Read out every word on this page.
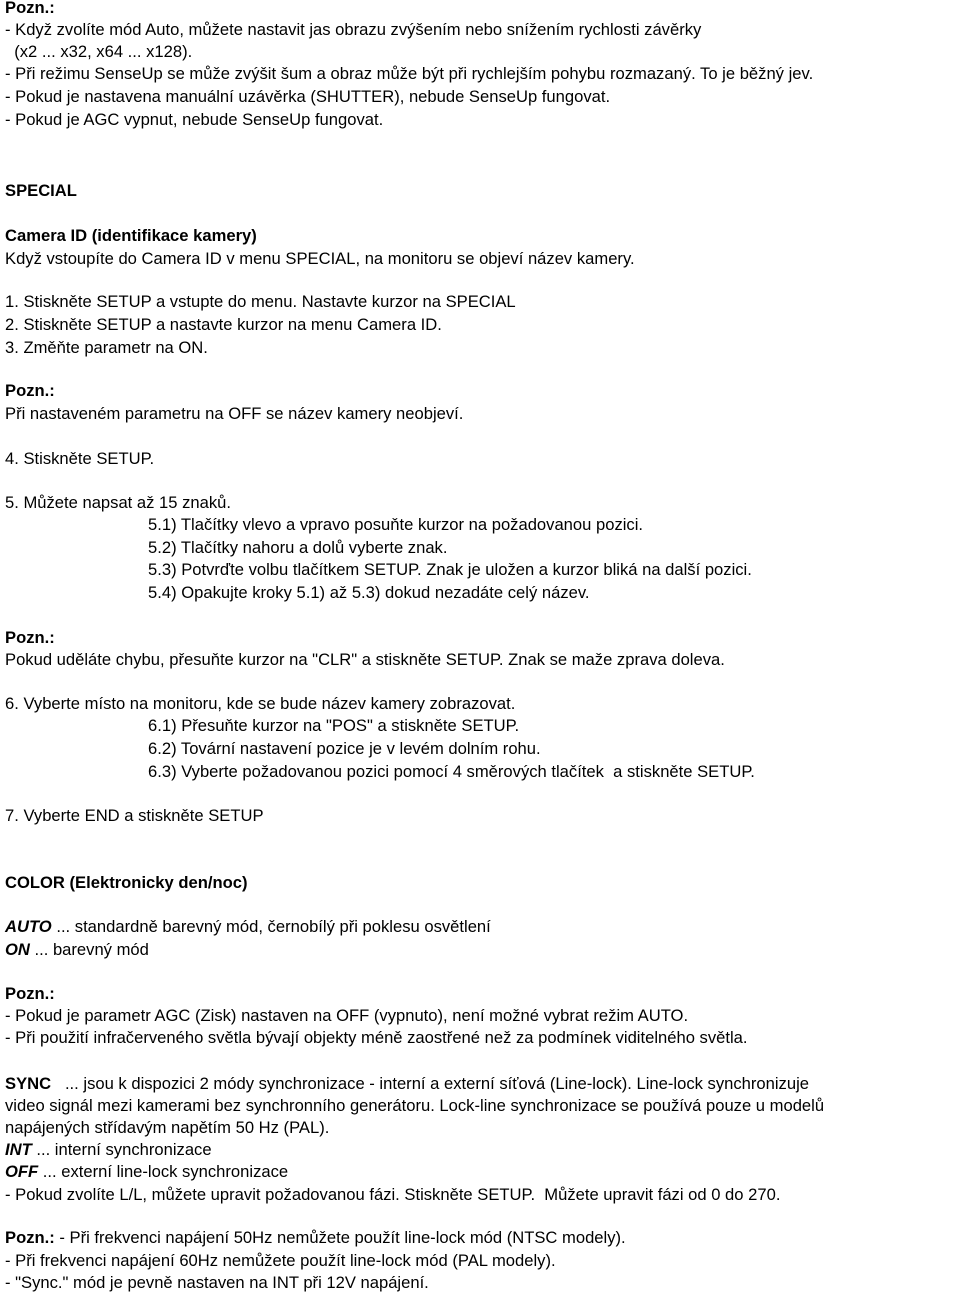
Pozn.:
- Když zvolíte mód Auto, můžete nastavit jas obrazu zvýšením nebo snížením rychlosti závěrky
(x2 ... x32, x64 ... x128).
- Při režimu SenseUp se může zvýšit šum a obraz může být při rychlejším pohybu rozmazaný. To je běžný jev.
- Pokud je nastavena manuální uzávěrka (SHUTTER), nebude SenseUp fungovat.
- Pokud je AGC vypnut, nebude SenseUp fungovat.
SPECIAL
Camera ID (identifikace kamery)
Když vstoupíte do Camera ID v menu SPECIAL, na monitoru se objeví název kamery.
1. Stiskněte SETUP a vstupte do menu. Nastavte kurzor na SPECIAL
2. Stiskněte SETUP a nastavte kurzor na menu Camera ID.
3. Změňte parametr na ON.
Pozn.:
Při nastaveném parametru na OFF se název kamery neobjeví.
4. Stiskněte SETUP.
5. Můžete napsat až 15 znaků.
5.1) Tlačítky vlevo a vpravo posuňte kurzor na požadovanou pozici.
5.2) Tlačítky nahoru a dolů vyberte znak.
5.3) Potvrďte volbu tlačítkem SETUP. Znak je uložen a kurzor bliká na další pozici.
5.4) Opakujte kroky 5.1) až 5.3) dokud nezadáte celý název.
Pozn.:
Pokud uděláte chybu, přesuňte kurzor na "CLR" a stiskněte SETUP. Znak se maže zprava doleva.
6. Vyberte místo na monitoru, kde se bude název kamery zobrazovat.
6.1) Přesuňte kurzor na "POS" a stiskněte SETUP.
6.2) Tovární nastavení pozice je v levém dolním rohu.
6.3) Vyberte požadovanou pozici pomocí 4 směrových tlačítek  a stiskněte SETUP.
7. Vyberte END a stiskněte SETUP
COLOR (Elektronicky den/noc)
AUTO ... standardně barevný mód, černobílý při poklesu osvětlení
ON ... barevný mód
Pozn.:
- Pokud je parametr AGC (Zisk) nastaven na OFF (vypnuto), není možné vybrat režim AUTO.
- Při použití infračerveného světla bývají objekty méně zaostřené než za podmínek viditelného světla.
SYNC   ... jsou k dispozici 2 módy synchronizace - interní a externí síťová (Line-lock). Line-lock synchronizuje
video signál mezi kamerami bez synchronního generátoru. Lock-line synchronizace se používá pouze u modelů
napájených střídavým napětím 50 Hz (PAL).
INT ... interní synchronizace
OFF ... externí line-lock synchronizace
- Pokud zvolíte L/L, můžete upravit požadovanou fázi. Stiskněte SETUP.  Můžete upravit fázi od 0 do 270.
Pozn.: - Při frekvenci napájení 50Hz nemůžete použít line-lock mód (NTSC modely).
- Při frekvenci napájení 60Hz nemůžete použít line-lock mód (PAL modely).
- "Sync." mód je pevně nastaven na INT při 12V napájení.
